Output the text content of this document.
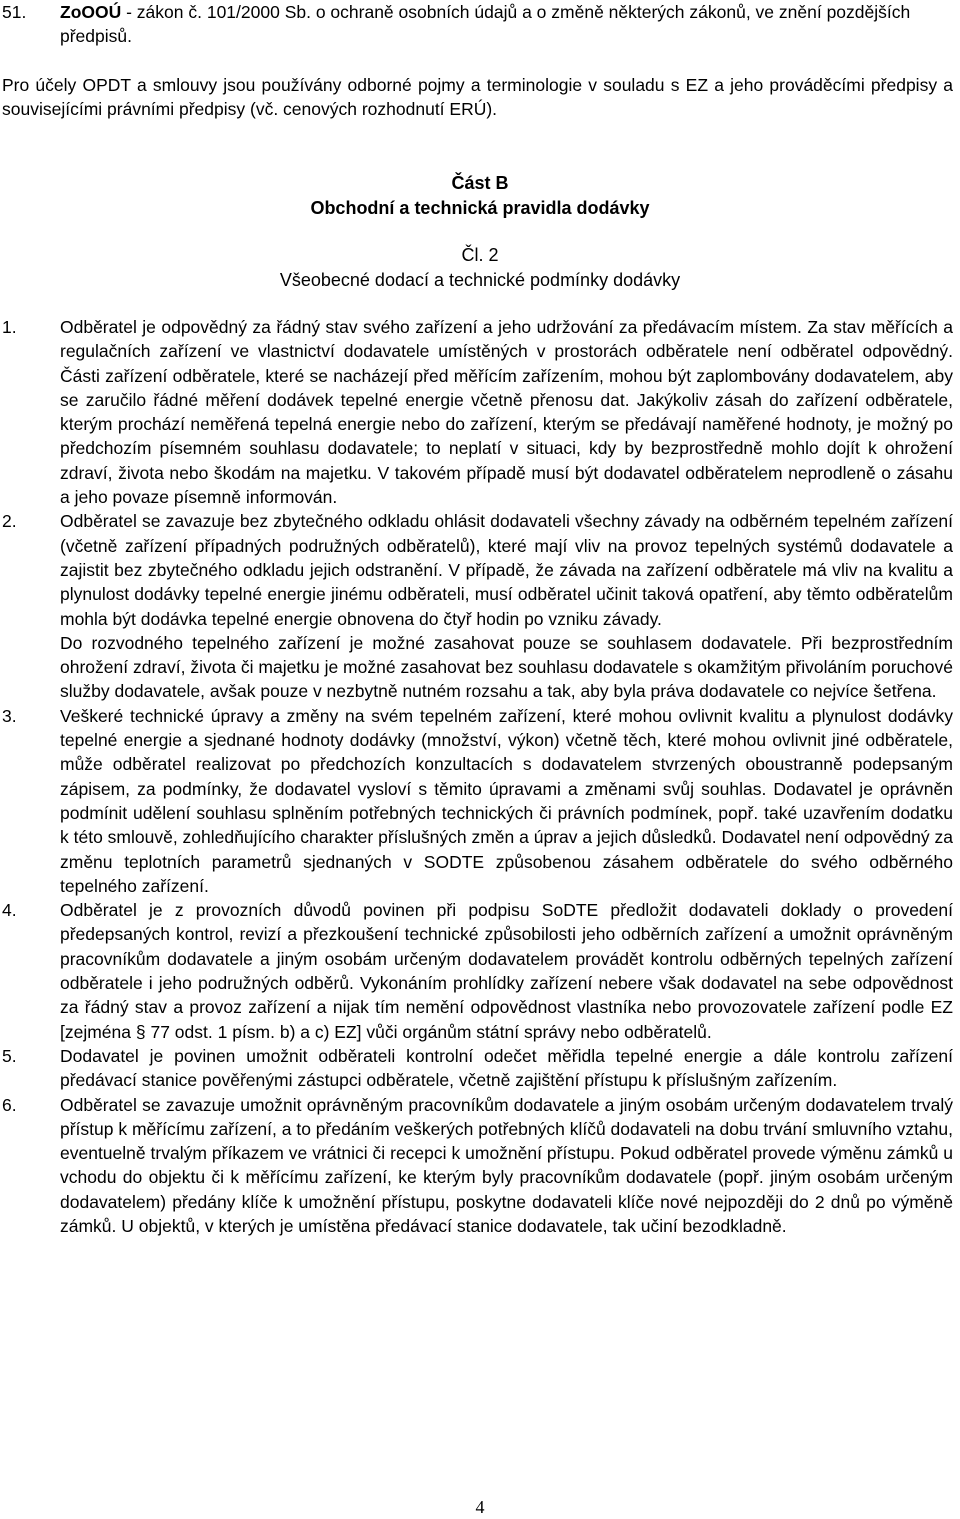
51.	ZoOOÚ - zákon č. 101/2000 Sb. o ochraně osobních údajů a o změně některých zákonů, ve znění pozdějších předpisů.
Pro účely OPDT a smlouvy jsou používány odborné pojmy a terminologie v souladu s EZ a jeho prováděcími předpisy a souvisejícími právními předpisy (vč. cenových rozhodnutí ERÚ).
Část B
Obchodní a technická pravidla dodávky
Čl. 2
Všeobecné dodací a technické podmínky dodávky
1.	Odběratel je odpovědný za řádný stav svého zařízení a jeho udržování za předávacím místem. Za stav měřících a regulačních zařízení ve vlastnictví dodavatele umístěných v prostorách odběratele není odběratel odpovědný. Části zařízení odběratele, které se nacházejí před měřícím zařízením, mohou být zaplombovány dodavatelem, aby se zaručilo řádné měření dodávek tepelné energie včetně přenosu dat. Jakýkoliv zásah do zařízení odběratele, kterým prochází neměřená tepelná energie nebo do zařízení, kterým se předávají naměřené hodnoty, je možný po předchozím písemném souhlasu dodavatele; to neplatí v situaci, kdy by bezprostředně mohlo dojít k ohrožení zdraví, života nebo škodám na majetku. V takovém případě musí být dodavatel odběratelem neprodleně o zásahu a jeho povaze písemně informován.

2.	Odběratel se zavazuje bez zbytečného odkladu ohlásit dodavateli všechny závady na odběrném tepelném zařízení (včetně zařízení případných podružných odběratelů), které mají vliv na provoz tepelných systémů dodavatele a zajistit bez zbytečného odkladu jejich odstranění. V případě, že závada na zařízení odběratele má vliv na kvalitu a plynulost dodávky tepelné energie jinému odběrateli, musí odběratel učinit taková opatření, aby těmto odběratelům mohla být dodávka tepelné energie obnovena do čtyř hodin po vzniku závady.

Do rozvodného tepelného zařízení je možné zasahovat pouze se souhlasem dodavatele. Při bezprostředním ohrožení zdraví, života či majetku je možné zasahovat bez souhlasu dodavatele s okamžitým přivoláním poruchové služby dodavatele, avšak pouze v nezbytně nutném rozsahu a tak, aby byla práva dodavatele co nejvíce šetřena.

3.	Veškeré technické úpravy a změny na svém tepelném zařízení, které mohou ovlivnit kvalitu a plynulost dodávky tepelné energie a sjednané hodnoty dodávky (množství, výkon) včetně těch, které mohou ovlivnit jiné odběratele, může odběratel realizovat po předchozích konzultacích s dodavatelem stvrzených oboustranně podepsaným zápisem, za podmínky, že dodavatel vysloví s těmito úpravami a změnami svůj souhlas. Dodavatel je oprávněn podmínit udělení souhlasu splněním potřebných technických či právních podmínek, popř. také uzavřením dodatku k této smlouvě, zohledňujícího charakter příslušných změn a úprav a jejich důsledků. Dodavatel není odpovědný za změnu teplotních parametrů sjednaných v SODTE způsobenou zásahem odběratele do svého odběrného tepelného zařízení.

4.	Odběratel je z provozních důvodů povinen při podpisu SoDTE předložit dodavateli doklady o provedení předepsaných kontrol, revizí a přezkoušení technické způsobilosti jeho odběrních zařízení a umožnit oprávněným pracovníkům dodavatele a jiným osobám určeným dodavatelem provádět kontrolu odběrných tepelných zařízení odběratele i jeho podružných odběrů. Vykonáním prohlídky zařízení nebere však dodavatel na sebe odpovědnost za řádný stav a provoz zařízení a nijak tím nemění odpovědnost vlastníka nebo provozovatele zařízení podle EZ [zejména § 77 odst. 1 písm. b) a c) EZ] vůči orgánům státní správy nebo odběratelů.

5.	Dodavatel je povinen umožnit odběrateli kontrolní odečet měřidla tepelné energie a dále kontrolu zařízení předávací stanice pověřenými zástupci odběratele, včetně zajištění přístupu k příslušným zařízením.

6.	Odběratel se zavazuje umožnit oprávněným pracovníkům dodavatele a jiným osobám určeným dodavatelem trvalý přístup k měřícímu zařízení, a to předáním veškerých potřebných klíčů dodavateli na dobu trvání smluvního vztahu, eventuelně trvalým příkazem ve vrátnici či recepci k umožnění přístupu. Pokud odběratel provede výměnu zámků u vchodu do objektu či k měřícímu zařízení, ke kterým byly pracovníkům dodavatele (popř. jiným osobám určeným dodavatelem) předány klíče k umožnění přístupu, poskytne dodavateli klíče nové nejpozději do 2 dnů po výměně zámků. U objektů, v kterých je umístěna předávací stanice dodavatele, tak učiní bezodkladně.

4
